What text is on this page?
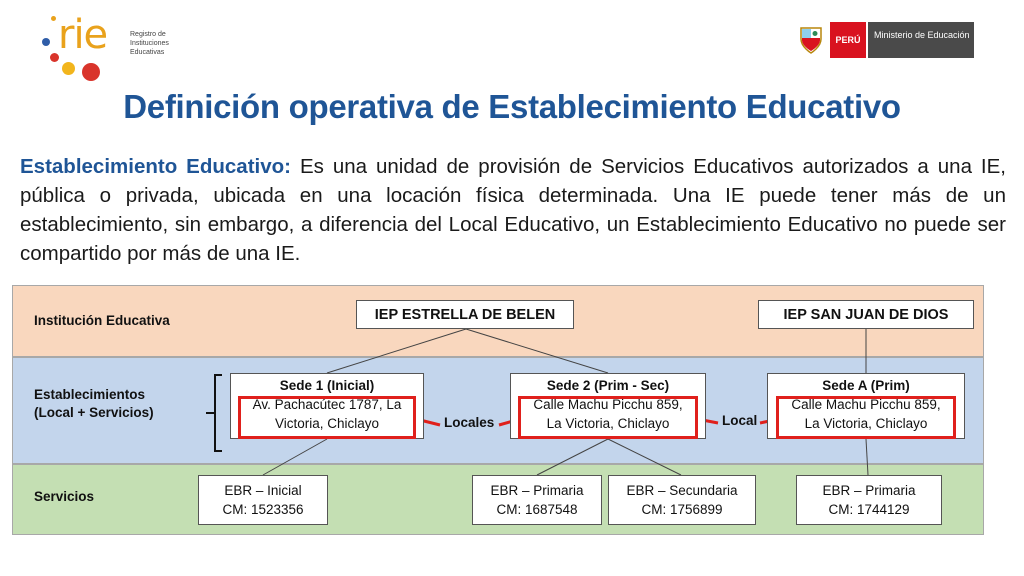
rie	Registro de Instituciones Educativas
PERÚ	Ministerio de Educación
Definición operativa de Establecimiento Educativo

Establecimiento Educativo: Es una unidad de provisión de Servicios Educativos autorizados a una IE, pública o privada, ubicada en una locación física determinada. Una IE puede tener más de un establecimiento, sin embargo, a diferencia del Local Educativo, un Establecimiento Educativo no puede ser compartido por más de una IE.

Institución Educativa
Establecimientos
(Local + Servicios)
Servicios
IEP ESTRELLA DE BELEN	IEP SAN JUAN DE DIOS
Sede 1 (Inicial)
Av. Pachacútec 1787, La
Victoria, Chiclayo
Sede 2 (Prim - Sec)
Calle Machu Picchu 859,
La Victoria, Chiclayo
Sede A (Prim)
Calle Machu Picchu 859,
La Victoria, Chiclayo
Locales	Local
EBR – Inicial
CM: 1523356
EBR – Primaria
CM: 1687548
EBR – Secundaria
CM: 1756899
EBR – Primaria
CM: 1744129
